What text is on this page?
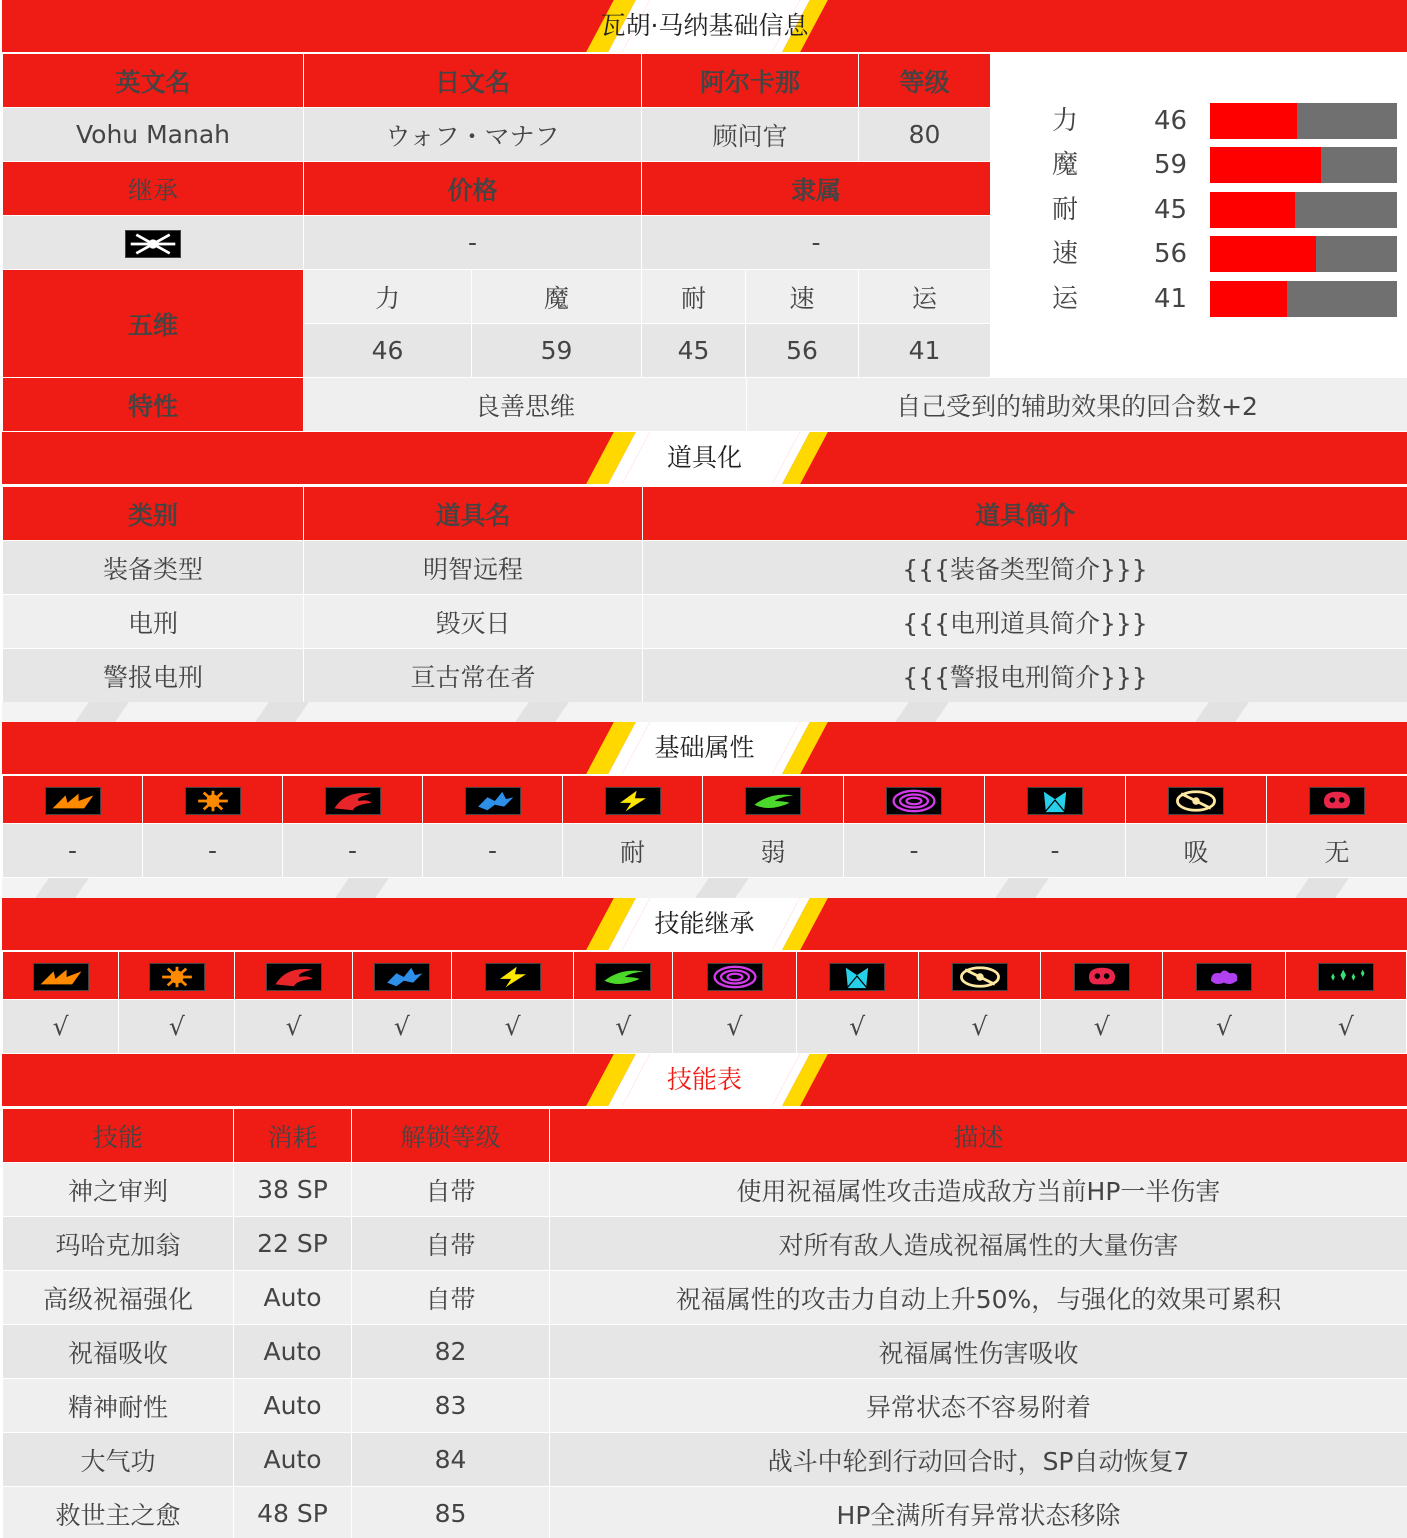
瓦胡·马纳基础信息
英文名	日文名		阿尔卡那		等级
Vohu Manah	ウォフ・マナフ		顾问官		80
继承	价格		隶属		

	-		-		
五维	力	魔	耐	速	运
	46	59	45	56	41
特性	良善思维	自己受到的辅助效果的回合数+2
力	46
魔	59
耐	45
速	56
运	41
道具化
类别	道具名	道具简介
装备类型	明智远程	{{{装备类型简介}}}
电刑	毁灭日	{{{电刑道具简介}}}
警报电刑	亘古常在者	{{{警报电刑简介}}}
基础属性

-	-	-	-	耐	弱	-	-	吸	无
技能继承

√	√	√	√	√	√	√	√	√	√	√	√
技能表
技能	消耗	解锁等级	描述
神之审判	38 SP	自带	使用祝福属性攻击造成敌方当前HP一半伤害
玛哈克加翁	22 SP	自带	对所有敌人造成祝福属性的大量伤害
高级祝福强化	Auto	自带	祝福属性的攻击力自动上升50%，与强化的效果可累积
祝福吸收	Auto	82	祝福属性伤害吸收
精神耐性	Auto	83	异常状态不容易附着
大气功	Auto	84	战斗中轮到行动回合时，SP自动恢复7
救世主之愈	48 SP	85	HP全满所有异常状态移除
